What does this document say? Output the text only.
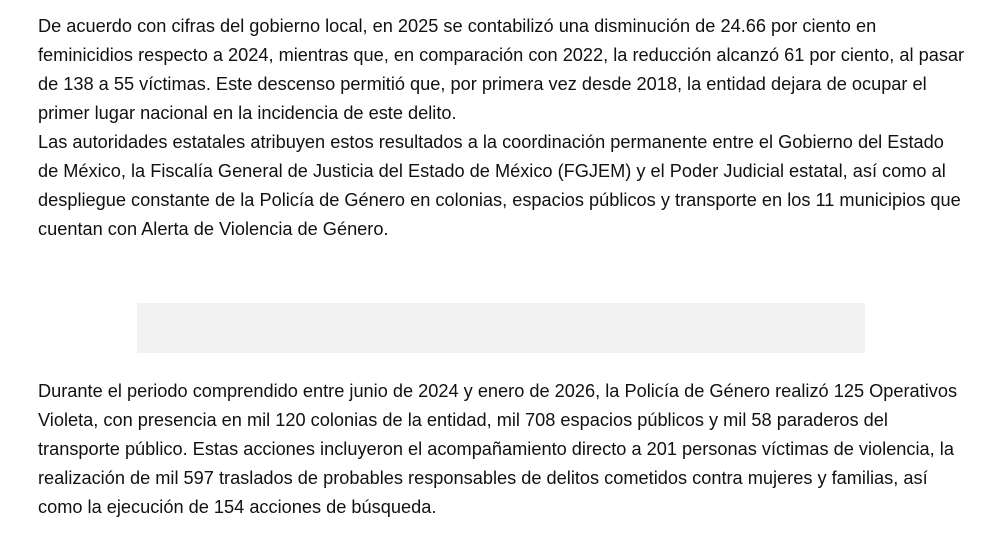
De acuerdo con cifras del gobierno local, en 2025 se contabilizó una disminución de 24.66 por ciento en feminicidios respecto a 2024, mientras que, en comparación con 2022, la reducción alcanzó 61 por ciento, al pasar de 138 a 55 víctimas. Este descenso permitió que, por primera vez desde 2018, la entidad dejara de ocupar el primer lugar nacional en la incidencia de este delito.

Las autoridades estatales atribuyen estos resultados a la coordinación permanente entre el Gobierno del Estado de México, la Fiscalía General de Justicia del Estado de México (FGJEM) y el Poder Judicial estatal, así como al despliegue constante de la Policía de Género en colonias, espacios públicos y transporte en los 11 municipios que cuentan con Alerta de Violencia de Género.

Durante el periodo comprendido entre junio de 2024 y enero de 2026, la Policía de Género realizó 125 Operativos Violeta, con presencia en mil 120 colonias de la entidad, mil 708 espacios públicos y mil 58 paraderos del transporte público. Estas acciones incluyeron el acompañamiento directo a 201 personas víctimas de violencia, la realización de mil 597 traslados de probables responsables de delitos cometidos contra mujeres y familias, así como la ejecución de 154 acciones de búsqueda.
